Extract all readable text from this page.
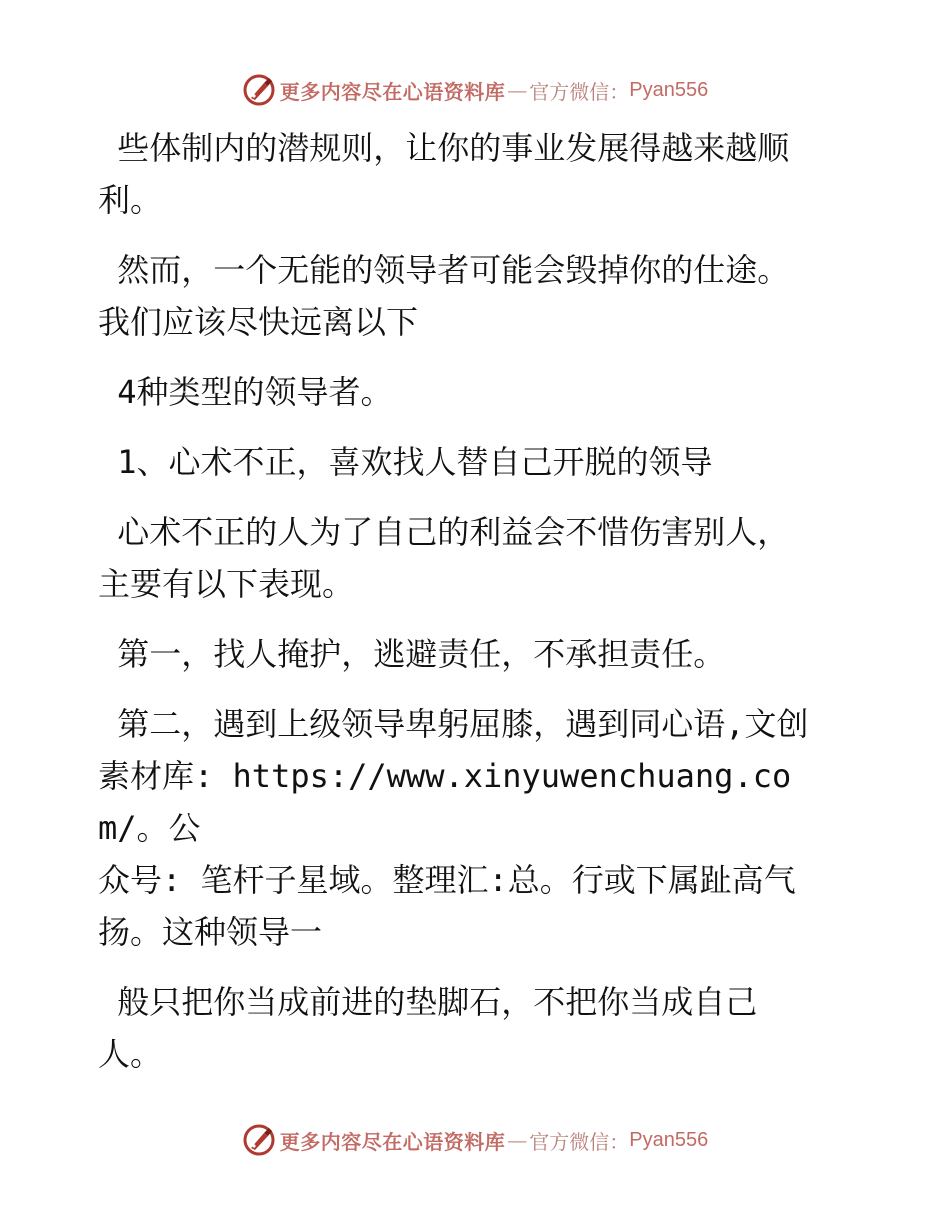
更多内容尽在心语资料库 — 官方微信： Pyan556

些体制内的潜规则，让你的事业发展得越来越顺
利。

然而，一个无能的领导者可能会毁掉你的仕途。
我们应该尽快远离以下

4种类型的领导者。

1、心术不正，喜欢找人替自己开脱的领导

心术不正的人为了自己的利益会不惜伤害别人，
主要有以下表现。

第一，找人掩护，逃避责任，不承担责任。

第二，遇到上级领导卑躬屈膝，遇到同心语,文创
素材库: https://www.xinyuwenchuang.com/。公
众号: 笔杆子星域。整理汇:总。行或下属趾高气
扬。这种领导一

般只把你当成前进的垫脚石，不把你当成自己
人。

更多内容尽在心语资料库 — 官方微信： Pyan556
